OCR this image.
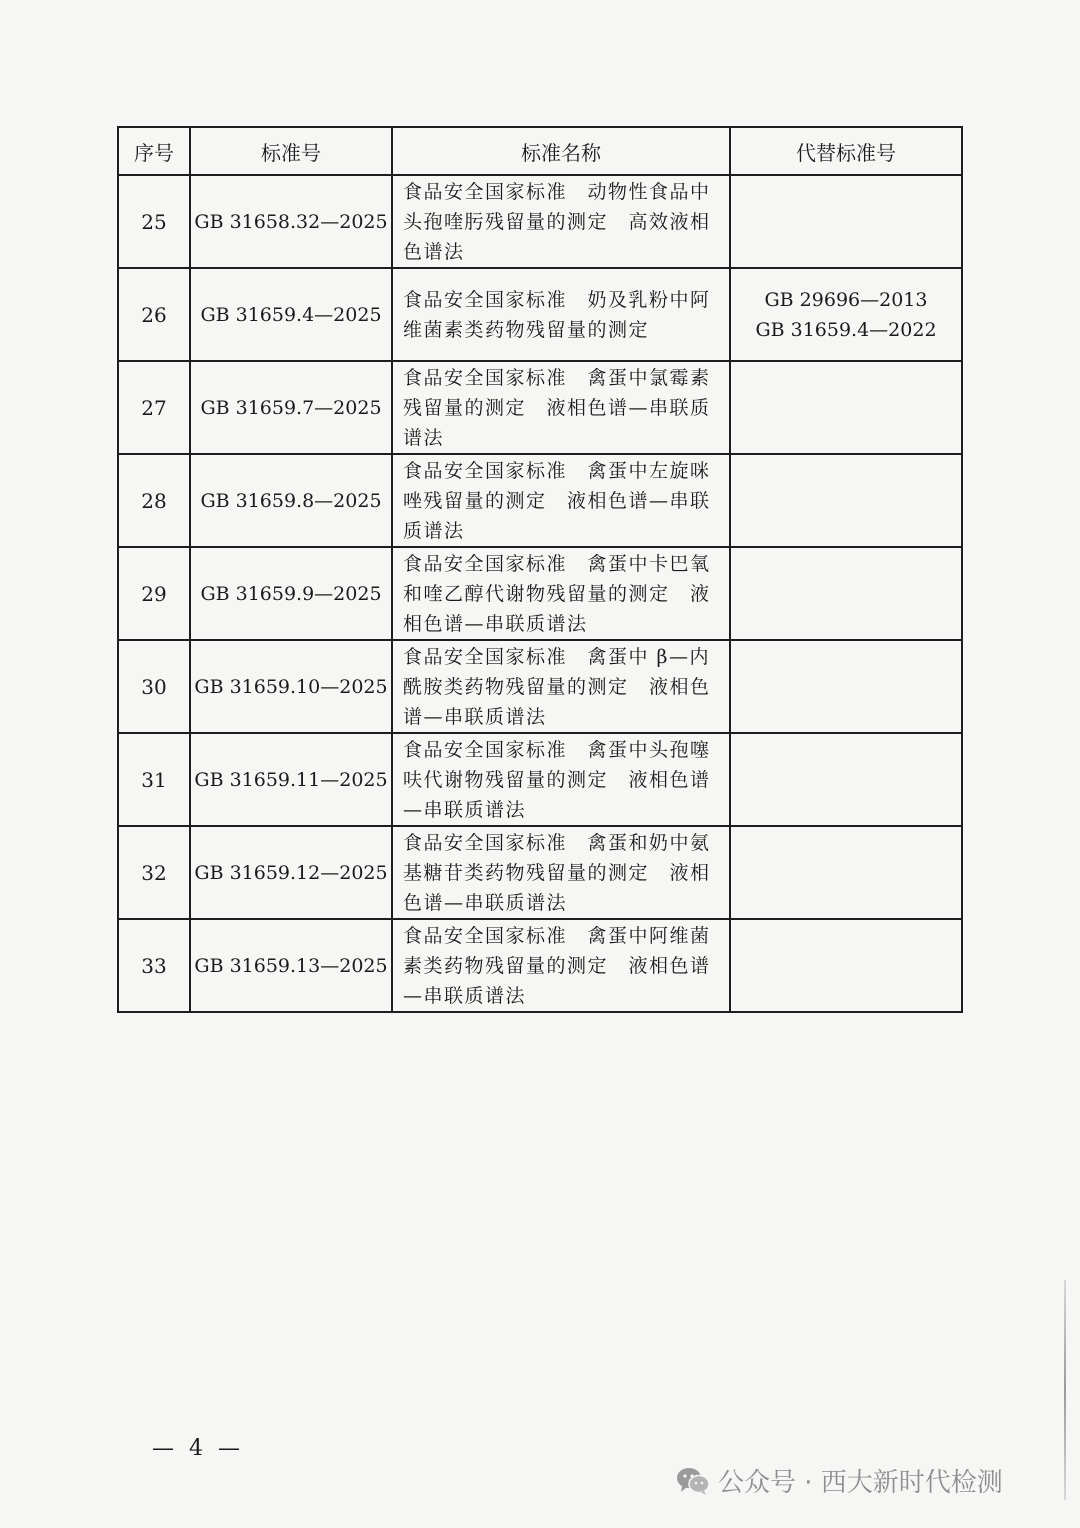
序号	标准号	标准名称	代替标准号
25	GB 31658.32—2025	食品安全国家标准　动物性食品中头孢喹肟残留量的测定　高效液相色谱法	
26	GB 31659.4—2025	食品安全国家标准　奶及乳粉中阿维菌素类药物残留量的测定	GB 29696—2013
GB 31659.4—2022

27	GB 31659.7—2025	食品安全国家标准　禽蛋中氯霉素残留量的测定　液相色谱—串联质谱法	
28	GB 31659.8—2025	食品安全国家标准　禽蛋中左旋咪唑残留量的测定　液相色谱—串联质谱法	
29	GB 31659.9—2025	食品安全国家标准　禽蛋中卡巴氧和喹乙醇代谢物残留量的测定　液相色谱—串联质谱法	
30	GB 31659.10—2025	食品安全国家标准　禽蛋中 β—内酰胺类药物残留量的测定　液相色谱—串联质谱法	
31	GB 31659.11—2025	食品安全国家标准　禽蛋中头孢噻呋代谢物残留量的测定　液相色谱—串联质谱法	
32	GB 31659.12—2025	食品安全国家标准　禽蛋和奶中氨基糖苷类药物残留量的测定　液相色谱—串联质谱法	
33	GB 31659.13—2025	食品安全国家标准　禽蛋中阿维菌素类药物残留量的测定　液相色谱—串联质谱法	
— 4 —
公众号 · 西大新时代检测
